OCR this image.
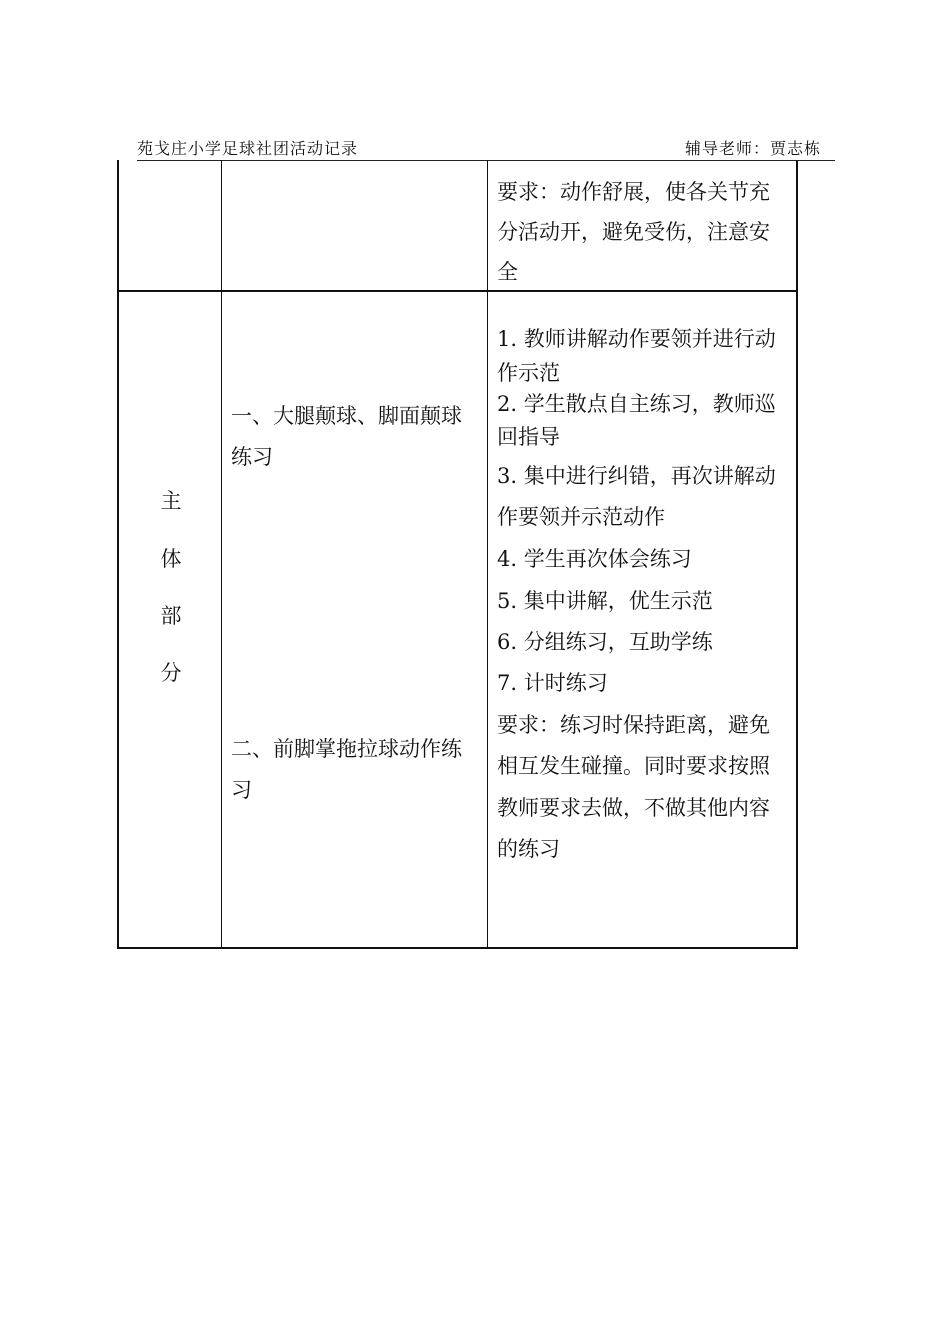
苑戈庄小学足球社团活动记录	辅导老师：贾志栋
要求：动作舒展，使各关节充
分活动开，避免受伤，注意安
全
主
体
部
分
一、大腿颠球、脚面颠球
练习
二、前脚掌拖拉球动作练
习
1. 教师讲解动作要领并进行动
作示范
2. 学生散点自主练习，教师巡
回指导
3. 集中进行纠错，再次讲解动
作要领并示范动作
4. 学生再次体会练习
5. 集中讲解，优生示范
6. 分组练习，互助学练
7. 计时练习
要求：练习时保持距离，避免
相互发生碰撞。同时要求按照
教师要求去做，不做其他内容
的练习
